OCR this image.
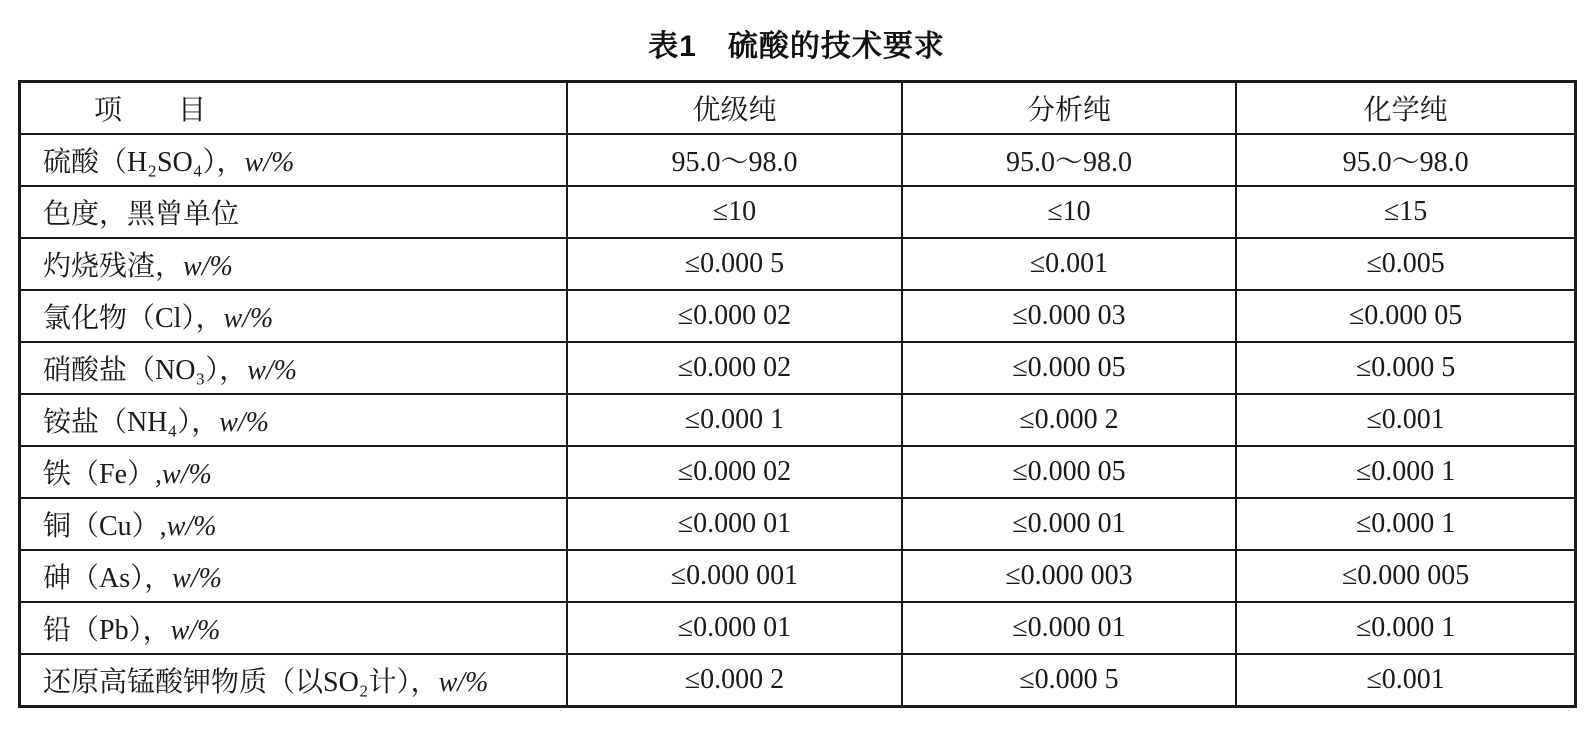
表1　硫酸的技术要求
项　　目	优级纯	分析纯	化学纯
硫酸（H₂SO₄），w/%	95.0～98.0	95.0～98.0	95.0～98.0
色度，黑曾单位	≤10	≤10	≤15
灼烧残渣，w/%	≤0.000 5	≤0.001	≤0.005
氯化物（Cl），w/%	≤0.000 02	≤0.000 03	≤0.000 05
硝酸盐（NO₃），w/%	≤0.000 02	≤0.000 05	≤0.000 5
铵盐（NH₄），w/%	≤0.000 1	≤0.000 2	≤0.001
铁（Fe）,w/%	≤0.000 02	≤0.000 05	≤0.000 1
铜（Cu）,w/%	≤0.000 01	≤0.000 01	≤0.000 1
砷（As），w/%	≤0.000 001	≤0.000 003	≤0.000 005
铅（Pb），w/%	≤0.000 01	≤0.000 01	≤0.000 1
还原高锰酸钾物质（以SO₂计），w/%	≤0.000 2	≤0.000 5	≤0.001
